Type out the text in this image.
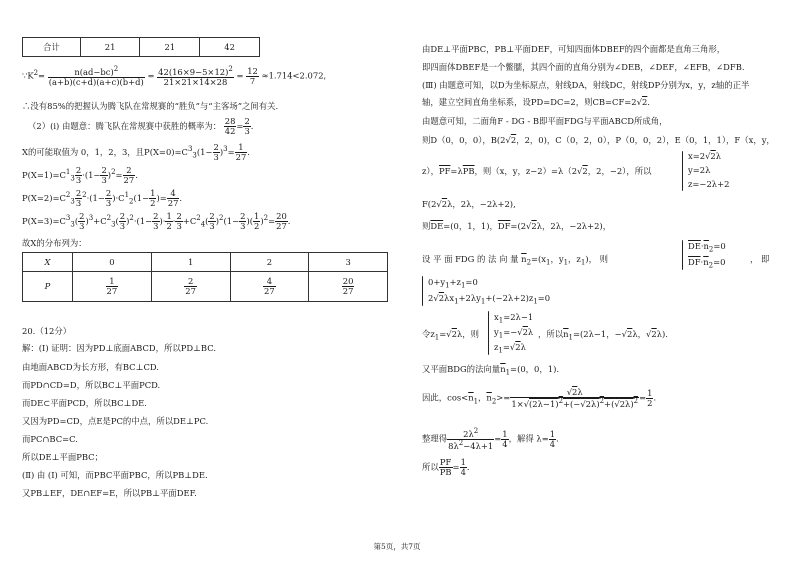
合计	21	21	42
$\because K^2= \frac{n(ad-bc)^2}{(a+b)(c+d)(a+c)(b+d)} = \frac{42(16\times 9-5\times 12)^2}{21\times 21\times 14\times 28} = \frac{12}{7} \approx 1.714<2.072$,
∴没有85%的把握认为腾飞队在常规赛的“胜负”与“主客场”之间有关.
（2）(ⅰ) 由题意：腾飞队在常规赛中获胜的概率为： $\frac{28}{42} = \frac{2}{3}$ .
X的可能取值为 0，1，2，3，且$P(X=0)=C^3_3(1- \frac{2}{3} )^3= \frac{1}{27}$ .
$P(X=1)=C^1_3 \frac{2}{3} \cdot(1- \frac{2}{3} )^2= \frac{2}{27}$ .
$P(X=2)=C^2_3 \frac{2}{3} ^2\cdot(1- \frac{2}{3} )\cdot C^1_2(1- \frac{1}{2}$ )= $\frac{4}{27}$ .
$P(X=3)=C^3_3( \frac{2}{3} )^3+C^2_3( \frac{2}{3} )^2\cdot(1- \frac{2}{3}$ )· $\frac{1}{2} \cdot \frac{2}{3} +C^2_4( \frac{2}{3} )^2(1- \frac{2}{3}$ )( $\frac{1}{2} )^2= \frac{20}{27}$ .
故X的分布列为：
X	0	1	2	3
P	$\frac{1}{27}$	$\frac{2}{27}$	$\frac{4}{27}$	$\frac{20}{27}$
20.（12分）
解：(Ⅰ) 证明：因为PD⊥底面ABCD，所以PD⊥BC.
由地面ABCD为长方形，有BC⊥CD.
而PD∩CD=D，所以BC⊥平面PCD.
而DE⊂平面PCD，所以BC⊥DE.
又因为PD=CD，点E是PC的中点，所以DE⊥PC.
而PC∩BC=C.
所以DE⊥平面PBC；
(Ⅱ) 由 (Ⅰ) 可知，而PBC平面PBC，所以PB⊥DE.
又PB⊥EF，DE∩EF=E，所以PB⊥平面DEF.
由DE⊥平面PBC，PB⊥平面DEF，可知四面体DBEF的四个面都是直角三角形，
即四面体DBEF是一个鳖臑，其四个面的直角分别为∠DEB，∠DEF，∠EFB，∠DFB.
(Ⅲ) 由题意可知，以D为坐标原点，射线DA，射线DC，射线DP分别为x，y，z轴的正半
轴，建立空间直角坐标系，设PD=DC=2，则CB=CF=2√2.
由题意可知，二面角F - DG - B即平面FDG与平面ABCD所成角，
则D（0，0，0），B(2√2，2，0)，C（0，2，0），P（0，0，2），E（0，1，1），F（x，y，
z），$\overline{PF}=\lambda\overline{PB}$，则（x，y，z−2）=λ（2√2，2，−2），所以
x=2√2λ
y=2λ
z=−2λ+2
F(2√2λ，2λ，−2λ+2),
则$\overline{DE}=(0$，1，1)，$\overline{DF}=(2√2\lambda$，2λ，−2λ+2)，
设 平 面 FDG 的 法 向 量 $\overline{n}_2=(x_1$，$y_1$，$z_1$)， 则
$\overline{DE}\cdot\overline{n}_2=0$
$\overline{DF}\cdot\overline{n}_2=0$	， 即
$0+y_1+z_1=0$
$2√2\lambda x_1+2\lambda y_1+(-2\lambda+2)z_1=0$
令$z_1=√2\lambda$，则
$x_1=2\lambda-1$
$y_1=-√2\lambda$
$z_1=√2\lambda$
，所以$\overline{n}_1=(2\lambda-1$，−√2λ，√2λ).
又平面BDG的法向量$\overline{n}_1=(0$，0，1).
因此，$\cos<\overline{n}_1$，$\overline{n}_2>= \frac{√2\lambda}{1\times√(2\lambda-1)^2+(-√2\lambda)^2+(√2\lambda)^2} = \frac{1}{2}$ .
整理得 $\frac{2\lambda^2}{8\lambda^2-4\lambda+1} = \frac{1}{4}$ ，解得 $\lambda= \frac{1}{4}$ .
所以 $\frac{PF}{PB} = \frac{1}{4}$ .
第5页，共7页
